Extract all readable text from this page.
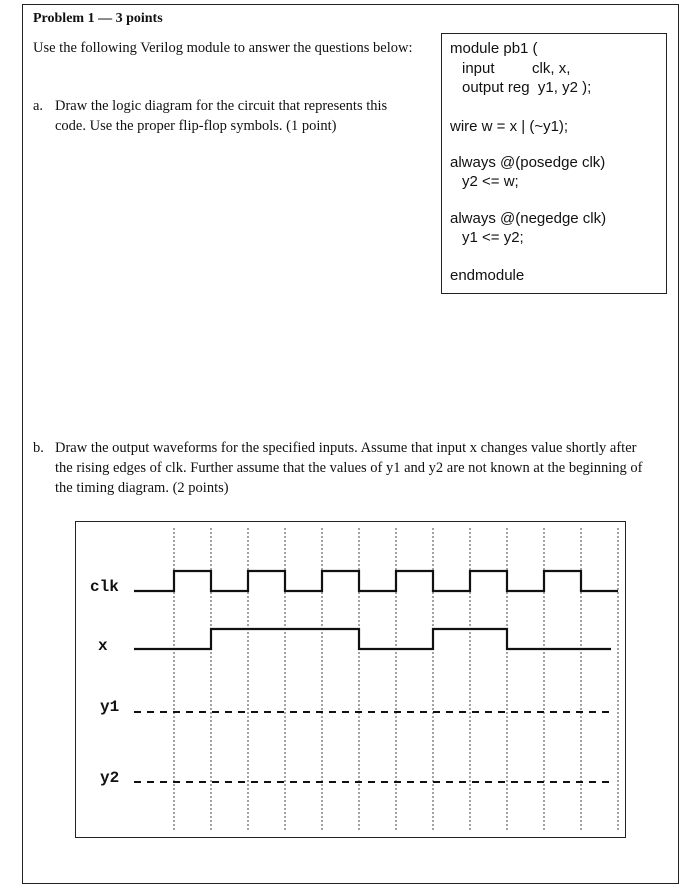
Problem 1 — 3 points
Use the following Verilog module to answer the questions below:
a. Draw the logic diagram for the circuit that represents this code. Use the proper flip-flop symbols. (1 point)
module pb1 (
input         clk, x,
output reg  y1, y2 );
wire w = x | (~y1);
always @(posedge clk)
y2 <= w;
always @(negedge clk)
y1 <= y2;
endmodule
b. Draw the output waveforms for the specified inputs. Assume that input x changes value shortly after the rising edges of clk. Further assume that the values of y1 and y2 are not known at the beginning of the timing diagram. (2 points)
clk
x
y1
y2
